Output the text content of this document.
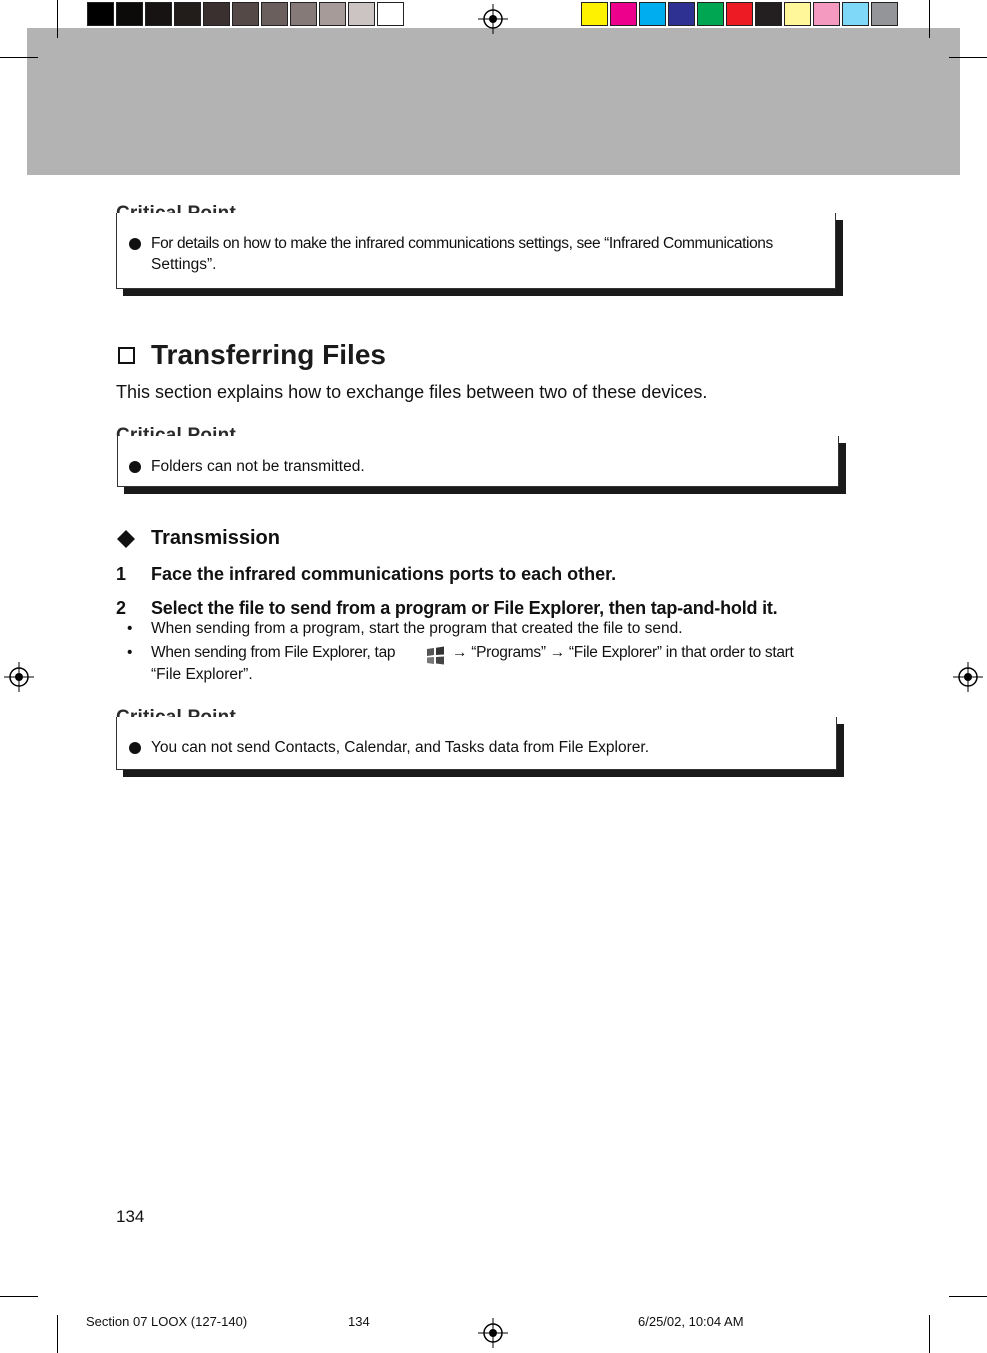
For details on how to make the infrared communications settings, see “Infrared Communications
Settings”.
Transferring Files
This section explains how to exchange files between two of these devices.
Folders can not be transmitted.
Transmission
1 Face the infrared communications ports to each other.
2 Select the file to send from a program or File Explorer, then tap-and-hold it.
• When sending from a program, start the program that created the file to send.
• When sending from File Explorer, tap	→ “Programs” → “File Explorer” in that order to start
“File Explorer”.
You can not send Contacts, Calendar, and Tasks data from File Explorer.
134
Section 07 LOOX (127-140)	134	6/25/02, 10:04 AM
